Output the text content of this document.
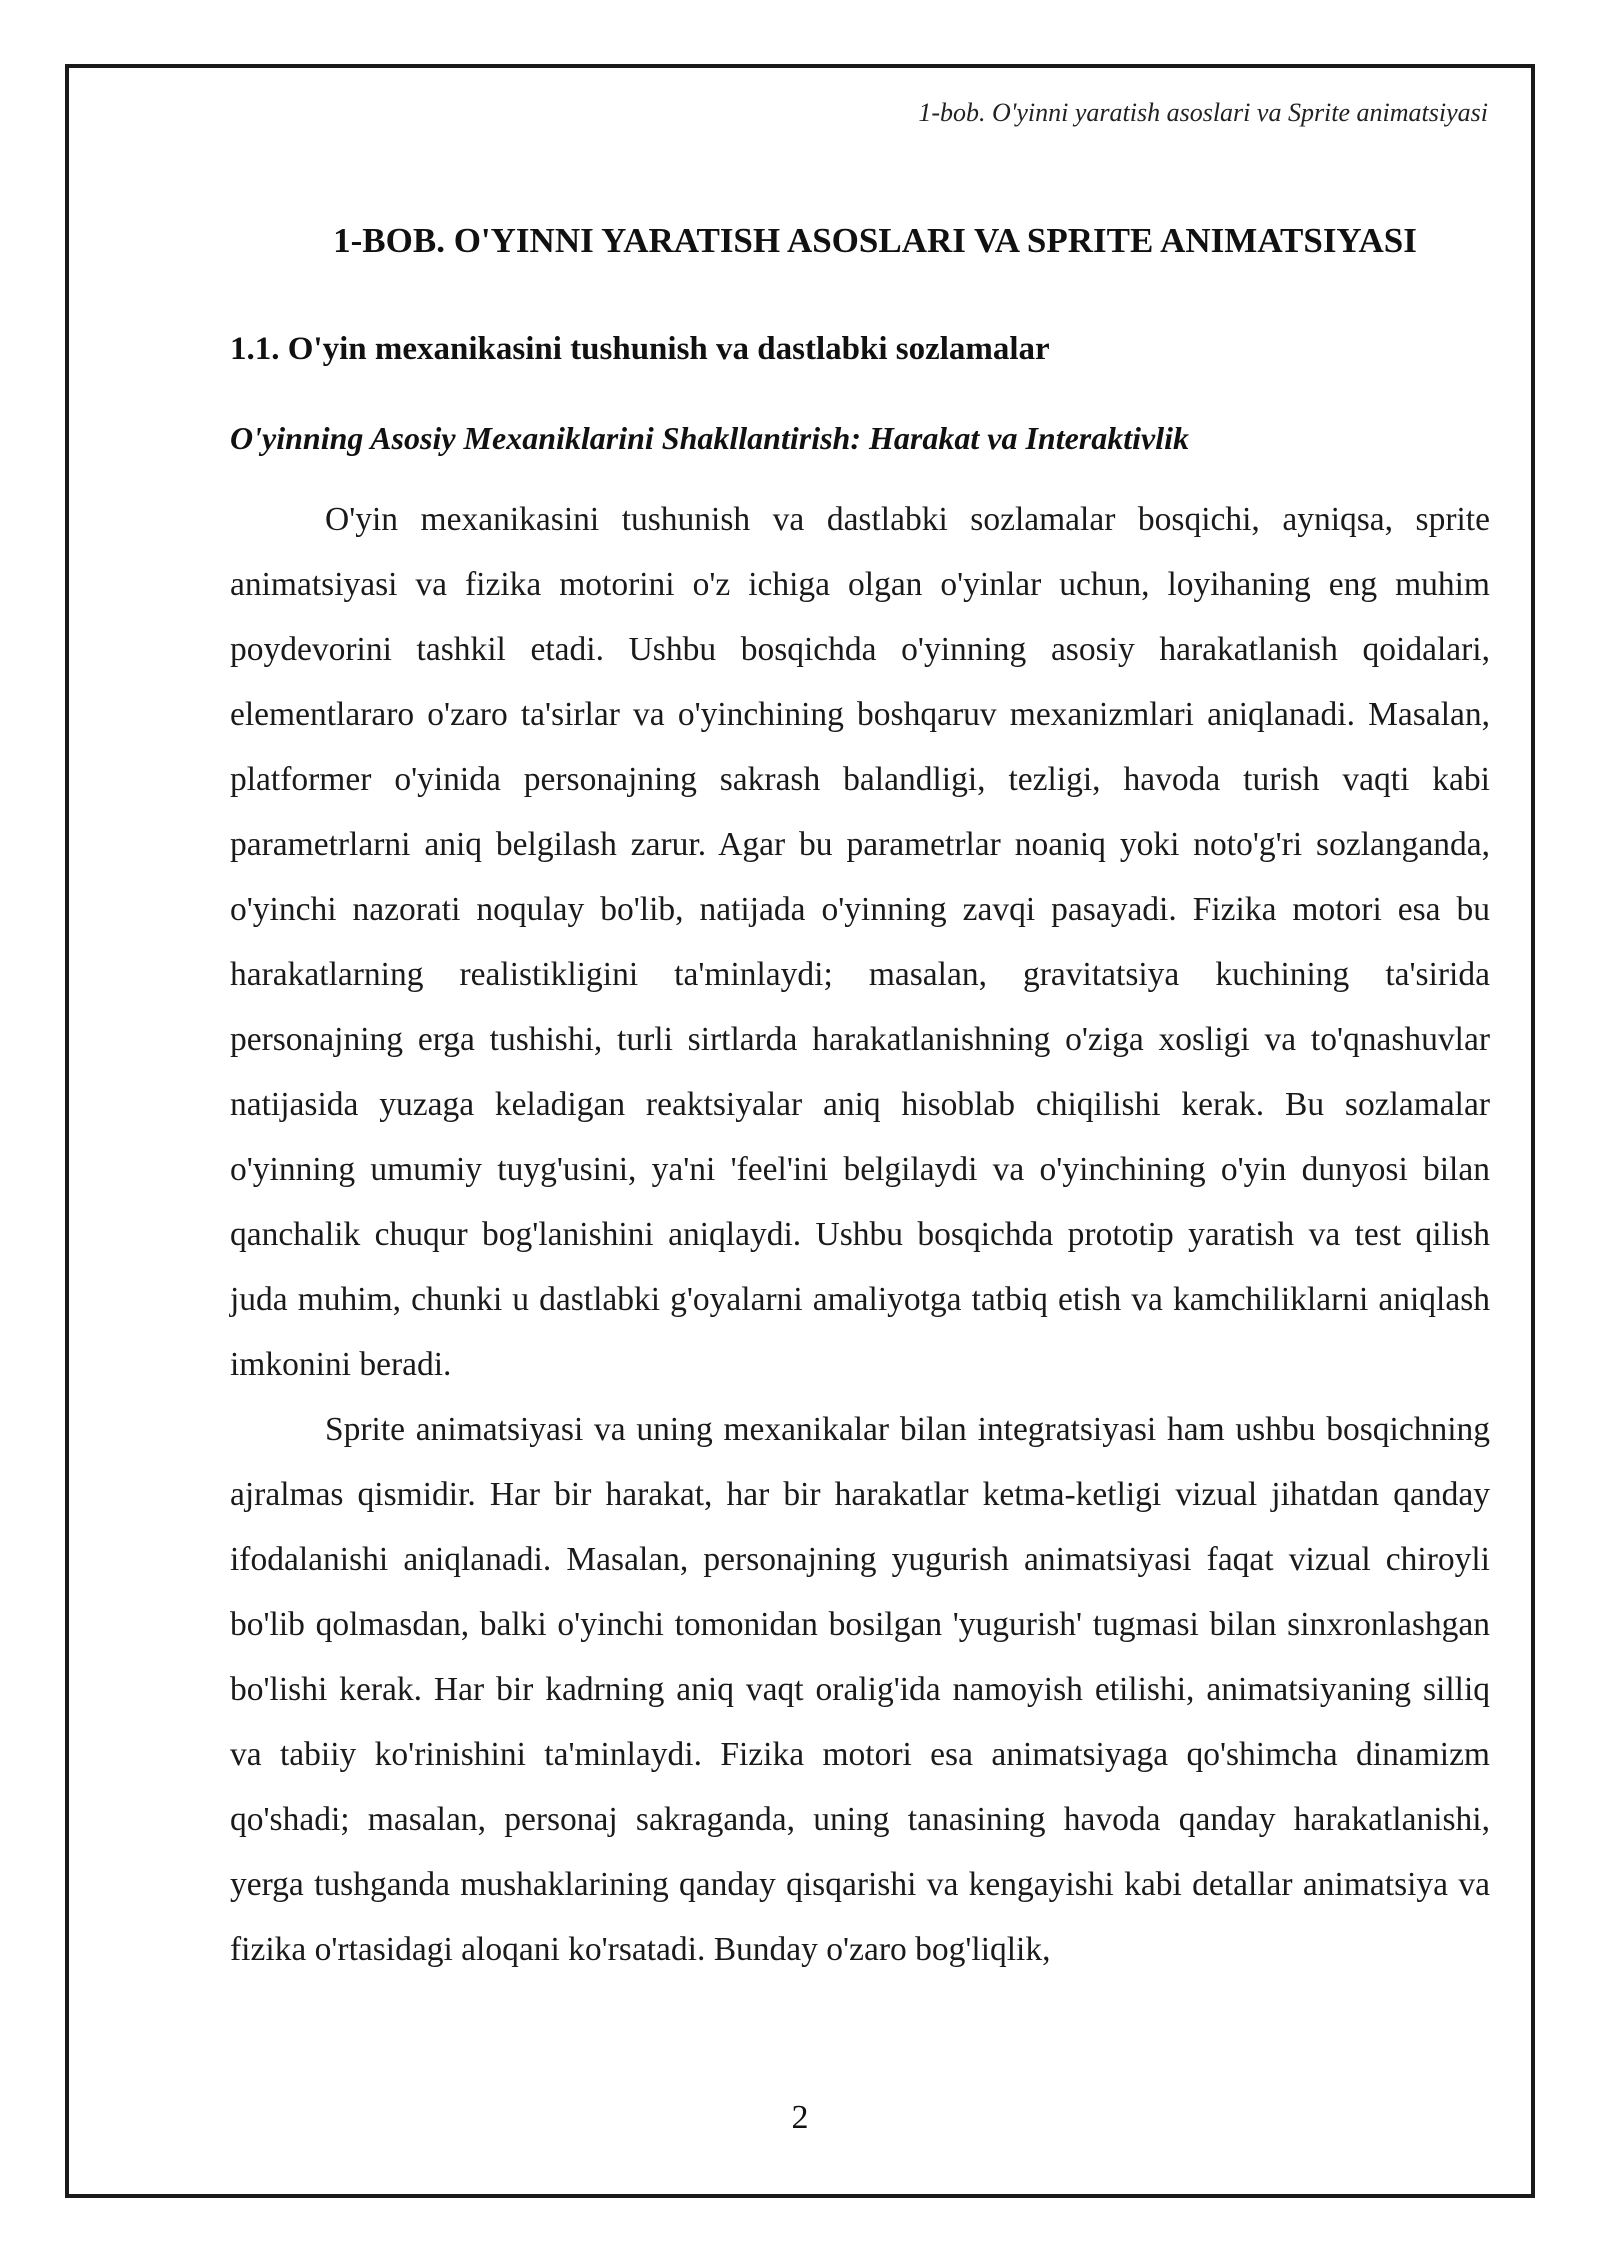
1-bob. O'yinni yaratish asoslari va Sprite animatsiyasi
1-BOB. O'YINNI YARATISH ASOSLARI VA SPRITE ANIMATSIYASI
1.1. O'yin mexanikasini tushunish va dastlabki sozlamalar
O'yinning Asosiy Mexaniklarini Shakllantirish: Harakat va Interaktivlik

O'yin mexanikasini tushunish va dastlabki sozlamalar bosqichi, ayniqsa, sprite animatsiyasi va fizika motorini o'z ichiga olgan o'yinlar uchun, loyihaning eng muhim poydevorini tashkil etadi. Ushbu bosqichda o'yinning asosiy harakatlanish qoidalari, elementlararo o'zaro ta'sirlar va o'yinchining boshqaruv mexanizmlari aniqlanadi. Masalan, platformer o'yinida personajning sakrash balandligi, tezligi, havoda turish vaqti kabi parametrlarni aniq belgilash zarur. Agar bu parametrlar noaniq yoki noto'g'ri sozlanganda, o'yinchi nazorati noqulay bo'lib, natijada o'yinning zavqi pasayadi. Fizika motori esa bu harakatlarning realistikligini ta'minlaydi; masalan, gravitatsiya kuchining ta'sirida personajning erga tushishi, turli sirtlarda harakatlanishning o'ziga xosligi va to'qnashuvlar natijasida yuzaga keladigan reaktsiyalar aniq hisoblab chiqilishi kerak. Bu sozlamalar o'yinning umumiy tuyg'usini, ya'ni 'feel'ini belgilaydi va o'yinchining o'yin dunyosi bilan qanchalik chuqur bog'lanishini aniqlaydi. Ushbu bosqichda prototip yaratish va test qilish juda muhim, chunki u dastlabki g'oyalarni amaliyotga tatbiq etish va kamchiliklarni aniqlash imkonini beradi.

Sprite animatsiyasi va uning mexanikalar bilan integratsiyasi ham ushbu bosqichning ajralmas qismidir. Har bir harakat, har bir harakatlar ketma-ketligi vizual jihatdan qanday ifodalanishi aniqlanadi. Masalan, personajning yugurish animatsiyasi faqat vizual chiroyli bo'lib qolmasdan, balki o'yinchi tomonidan bosilgan 'yugurish' tugmasi bilan sinxronlashgan bo'lishi kerak. Har bir kadrning aniq vaqt oralig'ida namoyish etilishi, animatsiyaning silliq va tabiiy ko'rinishini ta'minlaydi. Fizika motori esa animatsiyaga qo'shimcha dinamizm qo'shadi; masalan, personaj sakraganda, uning tanasining havoda qanday harakatlanishi, yerga tushganda mushaklarining qanday qisqarishi va kengayishi kabi detallar animatsiya va fizika o'rtasidagi aloqani ko'rsatadi. Bunday o'zaro bog'liqlik,

2
